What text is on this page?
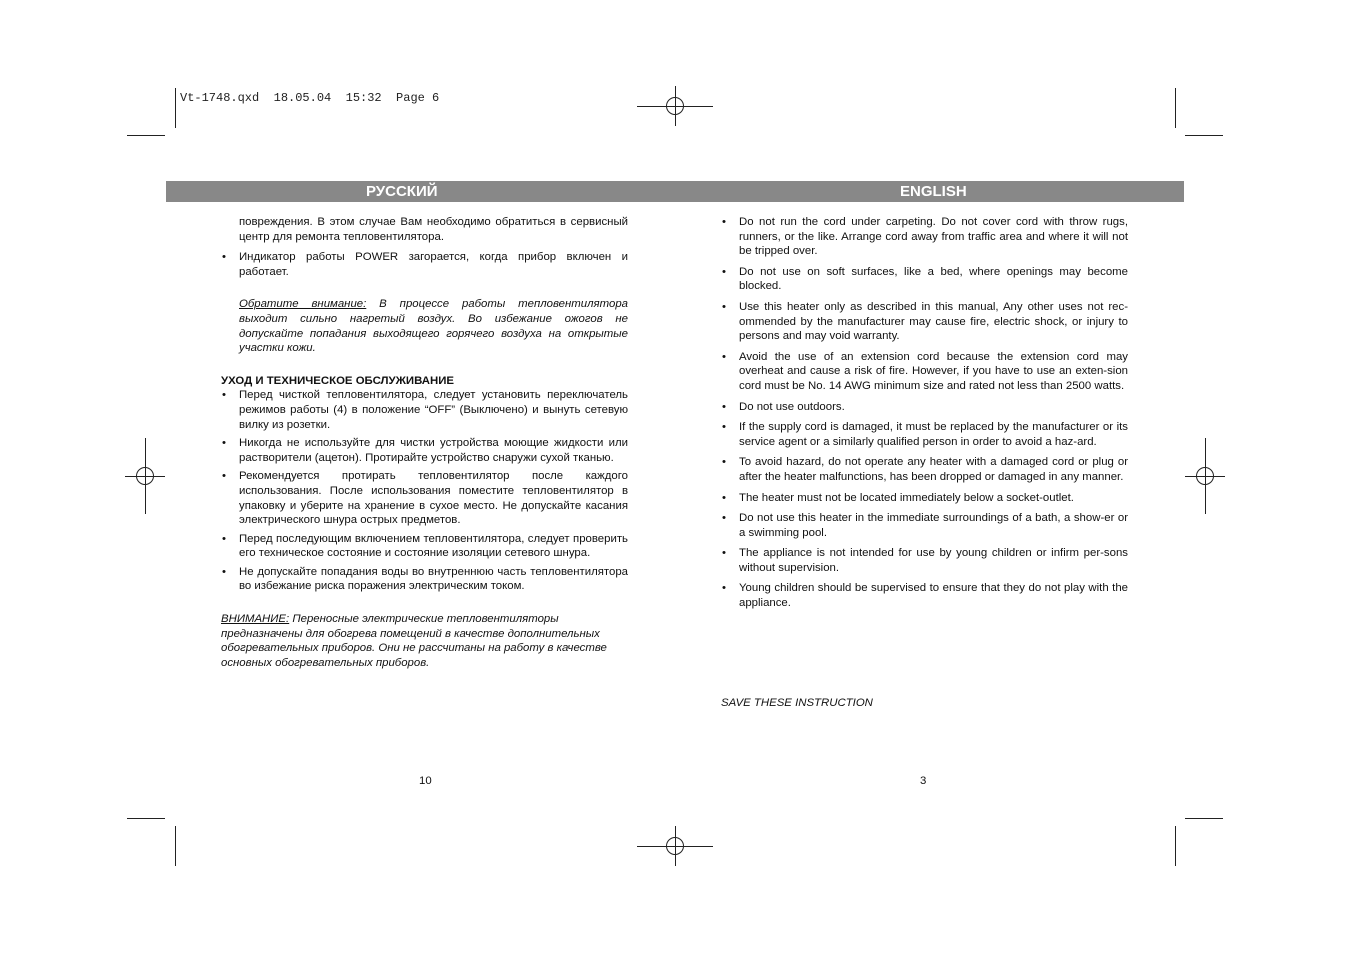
Vt-1748.qxd  18.05.04  15:32  Page 6
РУССКИЙ	ENGLISH

повреждения. В этом случае Вам необходимо обратиться в сервисный центр для ремонта тепловентилятора.

• Индикатор работы POWER загорается, когда прибор включен и работает.

Обратите внимание: В процессе работы тепловентилятора выходит сильно нагретый воздух. Во избежание ожогов не допускайте попадания выходящего горячего воздуха на открытые участки кожи.

УХОД И ТЕХНИЧЕСКОЕ ОБСЛУЖИВАНИЕ

• Перед чисткой тепловентилятора, следует установить переключатель режимов работы (4) в положение “OFF” (Выключено) и вынуть сетевую вилку из розетки.

• Никогда не используйте для чистки устройства моющие жидкости или растворители (ацетон). Протирайте устройство снаружи сухой тканью.

• Рекомендуется протирать тепловентилятор после каждого использования. После использования поместите тепловентилятор в упаковку и уберите на хранение в сухое место. Не допускайте касания электрического шнура острых предметов.

• Перед последующим включением тепловентилятора, следует проверить его техническое состояние и состояние изоляции сетевого шнура.

• Не допускайте попадания воды во внутреннюю часть тепловентилятора во избежание риска поражения электрическим током.

ВНИМАНИЕ: Переносные электрические тепловентиляторы предназначены для обогрева помещений в качестве дополнительных обогревательных приборов. Они не рассчитаны на работу в качестве основных обогревательных приборов.

• Do not run the cord under carpeting. Do not cover cord with throw rugs, runners, or the like. Arrange cord away from traffic area and where it will not be tripped over.

• Do not use on soft surfaces, like a bed, where openings may become blocked.

• Use this heater only as described in this manual, Any other uses not rec-ommended by the manufacturer may cause fire, electric shock, or injury to persons and may void warranty.

• Avoid the use of an extension cord because the extension cord may overheat and cause a risk of fire. However, if you have to use an exten-sion cord must be No. 14 AWG minimum size and rated not less than 2500 watts.

• Do not use outdoors.

• If the supply cord is damaged, it must be replaced by the manufacturer or its service agent or a similarly qualified person in order to avoid a haz-ard.

• To avoid hazard, do not operate any heater with a damaged cord or plug or after the heater malfunctions, has been dropped or damaged in any manner.

• The heater must not be located immediately below a socket-outlet.

• Do not use this heater in the immediate surroundings of a bath, a show-er or a swimming pool.

• The appliance is not intended for use by young children or infirm per-sons without supervision.

• Young children should be supervised to ensure that they do not play with the appliance.

SAVE THESE INSTRUCTION
10	3
